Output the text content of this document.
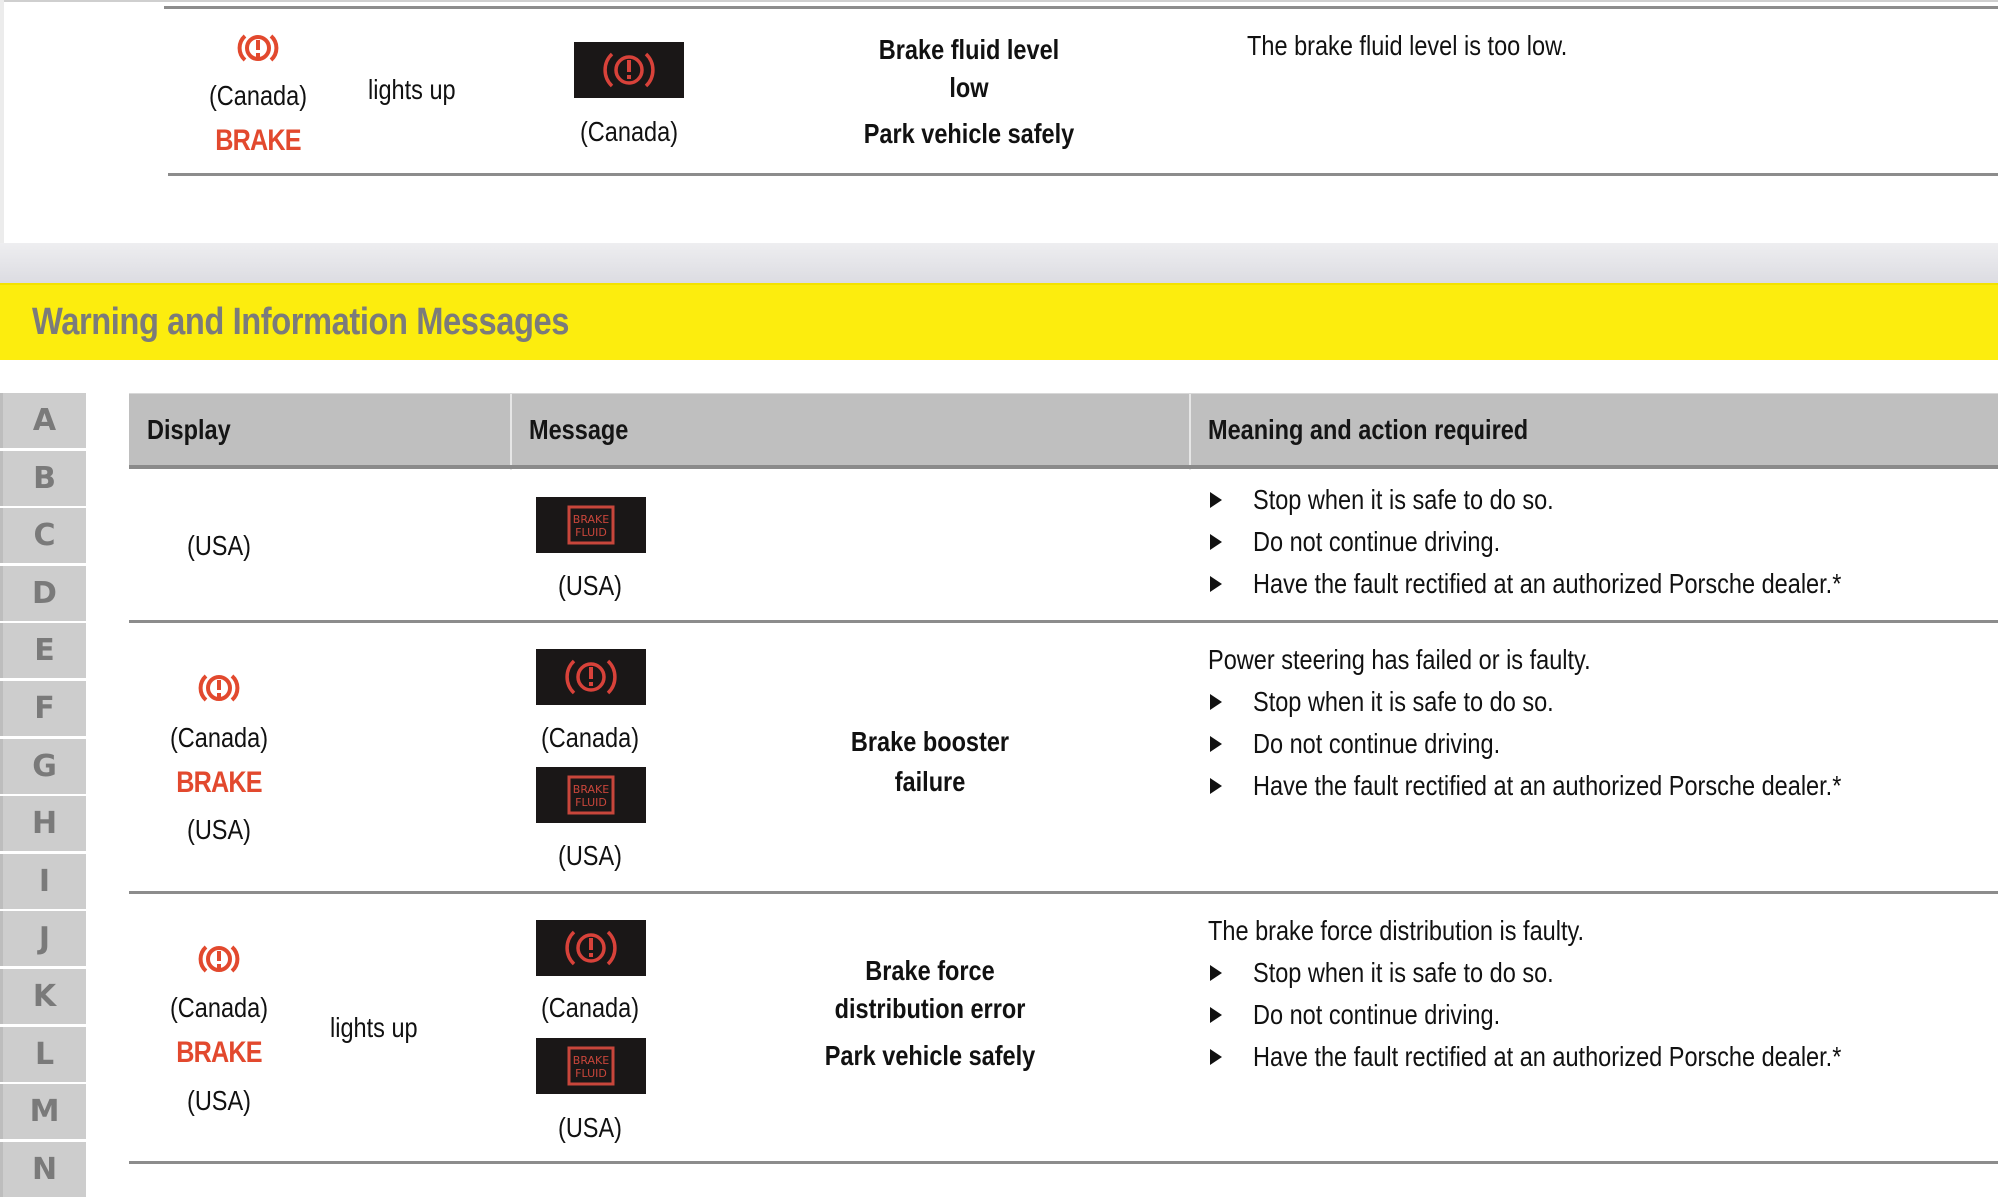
(Canada)
BRAKE
lights up
(Canada)
Brake fluid level
low
Park vehicle safely
The brake fluid level is too low.
Warning and Information Messages
A
B
C
D
E
F
G
H
I
J
K
L
M
N
Display	Message	Meaning and action required
(USA)
BRAKE
FLUID
(USA)
Stop when it is safe to do so.
Do not continue driving.
Have the fault rectified at an authorized Porsche dealer.*
(Canada)
BRAKE
(USA)
(Canada)
BRAKE
FLUID
(USA)
Brake booster
failure
Power steering has failed or is faulty.
Stop when it is safe to do so.
Do not continue driving.
Have the fault rectified at an authorized Porsche dealer.*
(Canada)
BRAKE
(USA)
lights up
(Canada)
BRAKE
FLUID
(USA)
Brake force
distribution error
Park vehicle safely
The brake force distribution is faulty.
Stop when it is safe to do so.
Do not continue driving.
Have the fault rectified at an authorized Porsche dealer.*
